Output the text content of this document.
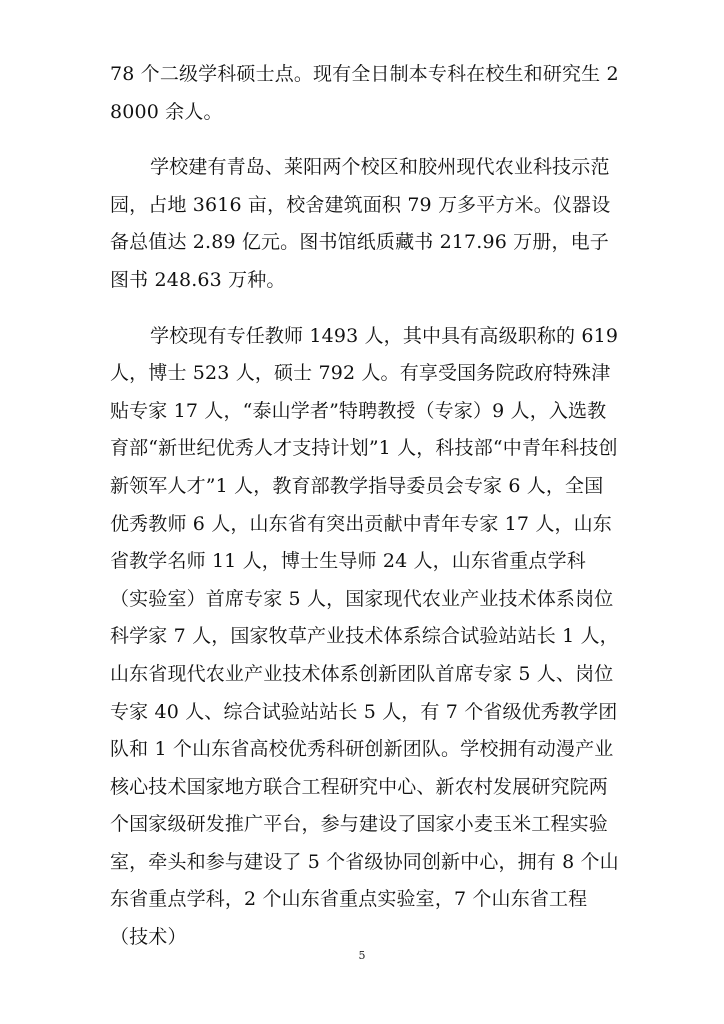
78 个二级学科硕士点。现有全日制本专科在校生和研究生 28000 余人。

学校建有青岛、莱阳两个校区和胶州现代农业科技示范园，占地 3616 亩，校舍建筑面积 79 万多平方米。仪器设备总值达 2.89 亿元。图书馆纸质藏书 217.96 万册，电子图书 248.63 万种。

学校现有专任教师 1493 人，其中具有高级职称的 619 人，博士 523 人，硕士 792 人。有享受国务院政府特殊津贴专家 17 人，“泰山学者”特聘教授（专家）9 人，入选教育部“新世纪优秀人才支持计划”1 人，科技部“中青年科技创新领军人才”1 人，教育部教学指导委员会专家 6 人，全国优秀教师 6 人，山东省有突出贡献中青年专家 17 人，山东省教学名师 11 人，博士生导师 24 人，山东省重点学科（实验室）首席专家 5 人，国家现代农业产业技术体系岗位科学家 7 人，国家牧草产业技术体系综合试验站站长 1 人，山东省现代农业产业技术体系创新团队首席专家 5 人、岗位专家 40 人、综合试验站站长 5 人，有 7 个省级优秀教学团队和 1 个山东省高校优秀科研创新团队。学校拥有动漫产业核心技术国家地方联合工程研究中心、新农村发展研究院两个国家级研发推广平台，参与建设了国家小麦玉米工程实验室，牵头和参与建设了 5 个省级协同创新中心，拥有 8 个山东省重点学科，2 个山东省重点实验室，7 个山东省工程（技术）

5
